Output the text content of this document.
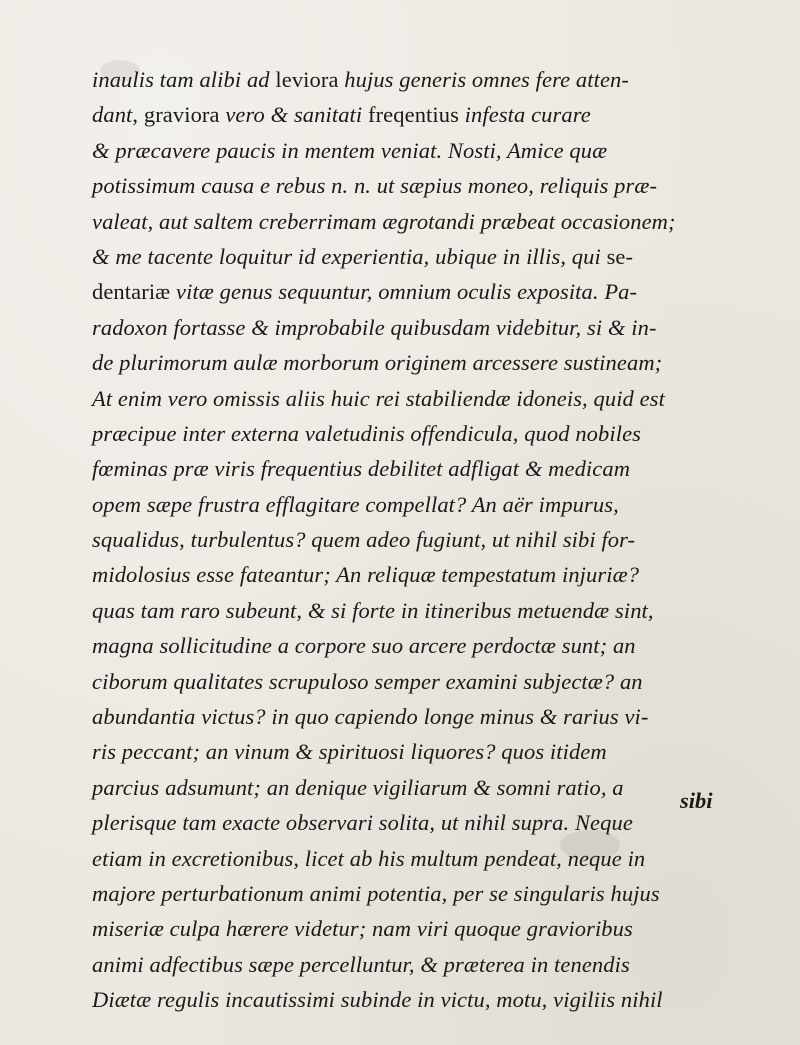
inaulis tam alibi ad leviora hujus generis omnes fere atten-
dant, graviora vero & sanitati freqentius infesta curare
& præcavere paucis in mentem veniat. Nosti, Amice quæ
potissimum causa e rebus n. n. ut sæpius moneo, reliquis præ-
valeat, aut saltem creberrimam ægrotandi præbeat occasionem;
& me tacente loquitur id experientia, ubique in illis, qui se-
dentariæ vitæ genus sequuntur, omnium oculis exposita. Pa-
radoxon fortasse & improbabile quibusdam videbitur, si & in-
de plurimorum aulæ morborum originem arcessere sustineam;
At enim vero omissis aliis huic rei stabiliendæ idoneis, quid est
præcipue inter externa valetudinis offendicula, quod nobiles
fœminas præ viris frequentius debilitet adfligat & medicam
opem sæpe frustra efflagitare compellat? An aër impurus,
squalidus, turbulentus? quem adeo fugiunt, ut nihil sibi for-
midolosius esse fateantur; An reliquæ tempestatum injuriæ?
quas tam raro subeunt, & si forte in itineribus metuendæ sint,
magna sollicitudine a corpore suo arcere perdoctæ sunt; an
ciborum qualitates scrupuloso semper examini subjectæ? an
abundantia victus? in quo capiendo longe minus & rarius vi-
ris peccant; an vinum & spirituosi liquores? quos itidem
parcius adsumunt; an denique vigiliarum & somni ratio, a
plerisque tam exacte observari solita, ut nihil supra. Neque
etiam in excretionibus, licet ab his multum pendeat, neque in
majore perturbationum animi potentia, per se singularis hujus
miseriæ culpa hærere videtur; nam viri quoque gravioribus
animi adfectibus sæpe percelluntur, & præterea in tenendis
Diætæ regulis incautissimi subinde in victu, motu, vigiliis nihil
sibi
